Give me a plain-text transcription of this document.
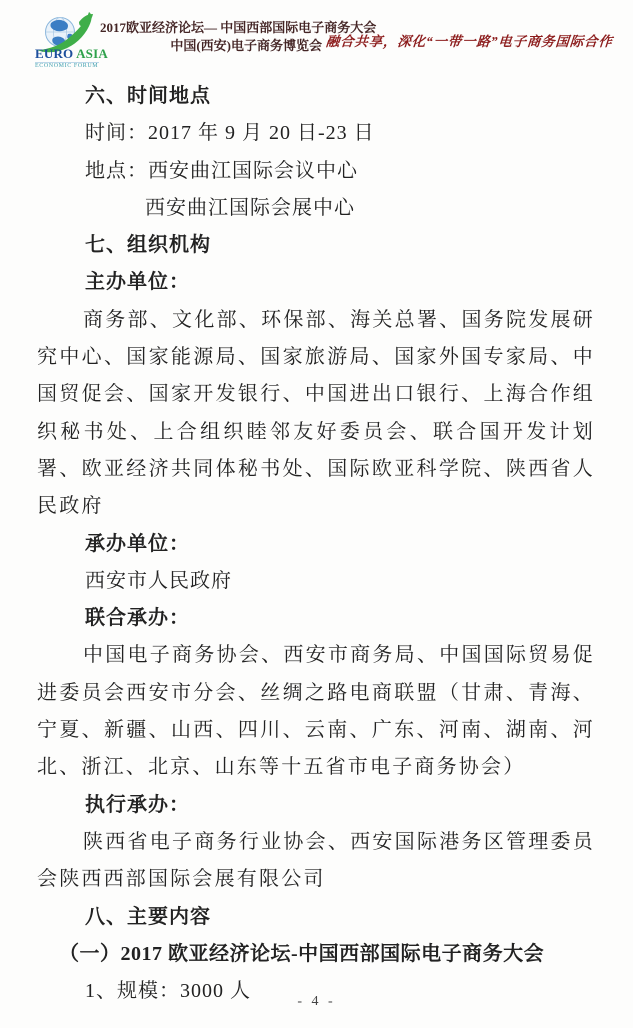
EURO ASIA
ECONOMIC FORUM
2017欧亚经济论坛— 中国西部国际电子商务大会
中国(西安)电子商务博览会 融合共享，深化“一带一路”电子商务国际合作
六、时间地点
时间：2017 年 9 月 20 日-23 日
地点：西安曲江国际会议中心
西安曲江国际会展中心
七、组织机构
主办单位：
商务部、文化部、环保部、海关总署、国务院发展研究中心、国家能源局、国家旅游局、国家外国专家局、中国贸促会、国家开发银行、中国进出口银行、上海合作组织秘书处、上合组织睦邻友好委员会、联合国开发计划署、欧亚经济共同体秘书处、国际欧亚科学院、陕西省人民政府
承办单位：
西安市人民政府
联合承办：
中国电子商务协会、西安市商务局、中国国际贸易促进委员会西安市分会、丝绸之路电商联盟（甘肃、青海、宁夏、新疆、山西、四川、云南、广东、河南、湖南、河北、浙江、北京、山东等十五省市电子商务协会）
执行承办：
陕西省电子商务行业协会、西安国际港务区管理委员会陕西西部国际会展有限公司
八、主要内容
（一）2017 欧亚经济论坛-中国西部国际电子商务大会
1、规模：3000 人	- 4 -
